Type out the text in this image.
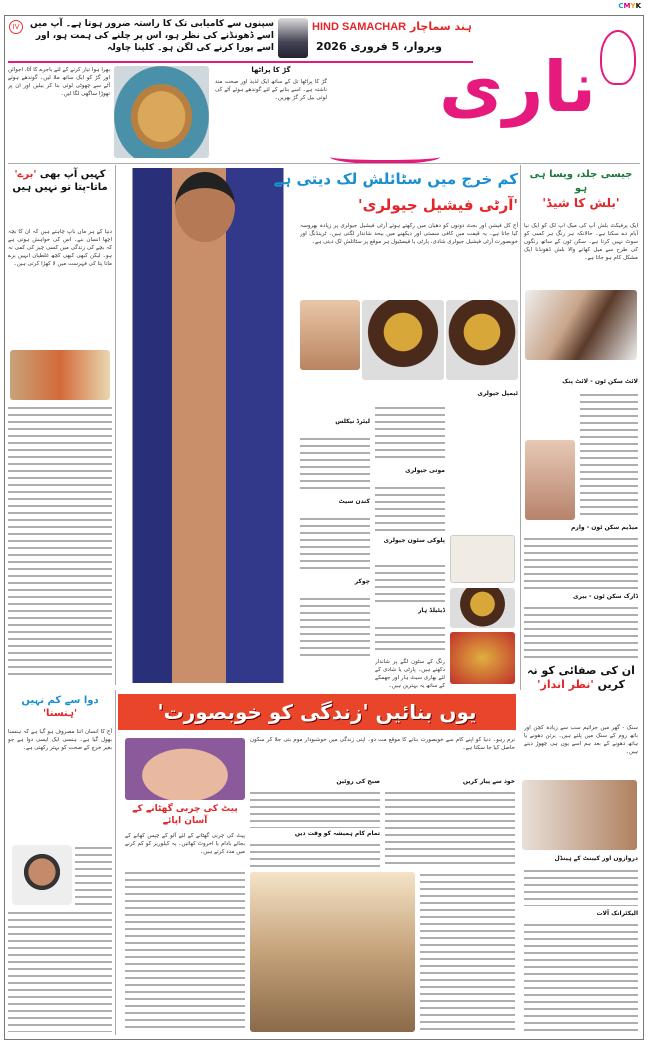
CMYK
IV	سپنوں سے کامیابی تک کا راستہ ضرور ہوتا ہے۔ آپ میں اسے ڈھونڈنے کی نظر ہو، اس پر چلنے کی ہمت ہو، اور اسے پورا کرنے کی لگن ہو۔ کلپنا چاولہ
HIND SAMACHAR ہند سماچار
ویروار، 5 فروری 2026
ناری
بھرا ہوا تیار کرنے کے لئے باجرے کا آٹا، اجوائن اور گڑ کو ایک ساتھ ملا لیں۔ گوندھے ہوئے آٹے سے چھوٹی لوئی بنا کر بیلیں اور ان پر تھوڑا ساگھی لگا لیں۔
گڑ کا پراٹھا
گڑ کا پراٹھا تل کے ساتھ ایک لذیذ اور صحت مند ناشتہ ہے۔ اسے بنانے کے لئے گوندھے ہوئے آٹے کی لوئی بیل کر گڑ بھریں۔
کہیں آپ بھی 'برے'
ماتا-پتا تو نہیں ہیں
دنیا کے ہر ماں باپ چاہتے ہیں کہ ان کا بچہ اچھا انسان بنے۔ اس کی خواہش ہوتی ہے کہ بچے کی زندگی میں کسی چیز کی کمی نہ ہو۔ لیکن کبھی کبھی کچھ غلطیاں انہیں برے ماتا پتا کی فہرست میں لا کھڑا کرتی ہیں۔
کم خرج میں سٹائلش لک دیتی ہے
'آرٹی فیشیل جیولری'
آج کل فیشن اور بجٹ دونوں کو دھیان میں رکھتے ہوئے آرٹی فیشیل جیولری پر زیادہ بھروسہ کیا جاتا ہے۔ یہ قیمت میں کافی سستی اور دیکھنے میں بیحد شاندار لگتی ہیں۔ ٹرینڈنگ اور خوبصورت آرٹی فیشیل جیولری شادی، پارٹی یا فیسٹیول ہر موقع پر سٹائلش لک دیتی ہے۔
ٹیمپل جیولری
لیئرڈ نیکلس
کندن سیٹ
چوکر
موتی جیولری
پلوکی سٹون جیولری
ڈیٹیلڈ ہار
رنگ کے سٹون لگے پر شاندار دکھتے ہیں۔ پارٹی یا شادی کے لئے بھاری سیٹ ہار اور جھمکے کے ساتھ یہ بہترین ہیں۔
جیسی جلد، ویسا ہی ہو
'بلش کا شیڈ'
ایک پرفیکٹ بلش آپ کی میک اپ لک کو ایک نیا آیام دے سکتا ہے۔ حالانکہ ہر رنگ ہر کسی کو سوٹ نہیں کرتا ہے۔ سکن ٹون کے ساتھ رنگوں کی طرح سے میل کھانے والا بلش ڈھونڈنا ایک مشکل کام ہو جاتا ہے۔
لائٹ سکن ٹون - لائٹ پنک
میڈیم سکن ٹون - وارم
ڈارک سکن ٹون - بیری
ان کی صفائی کو نہ
کریں 'نظر انداز'
سنک - گھر میں جراثیم سب سے زیادہ کچن اور باتھ روم کے سنک میں پلتے ہیں۔ برتن دھونے یا ہاتھ دھونے کے بعد ہم اسے یوں ہی چھوڑ دیتے ہیں۔
دروازوں اور کیبنٹ کے ہینڈل
الیکٹرانک آلات
یوں بنائیں 'زندگی کو خوبصورت'
دوا سے کم نہیں 'ہنسنا'
آج کا انسان اتنا مصروف ہو گیا ہے کہ ہنسنا بھول گیا ہے۔ ہنسی ایک ایسی دوا ہے جو بغیر خرچ کے صحت کو بہتر رکھتی ہے۔
پیٹ کی چربی گھٹانے کے آسان اپائے
پیٹ کی چربی گھٹانے کے لئے آلو کے چپس کھانے کے بجائے بادام یا اخروٹ کھائیں۔ یہ کیلوریز کو کم کرنے میں مدد کرتے ہیں۔
نرم رہو۔ دنیا کو اپنے کام سے خوبصورت بنانے کا موقع مت دو۔ اپنی زندگی میں خوشبودار موم بتی جلا کر سکون حاصل کیا جا سکتا ہے۔
صبح کی روٹین
تمام کام ہمیشہ کو وقت دیں
خود سے پیار کریں
